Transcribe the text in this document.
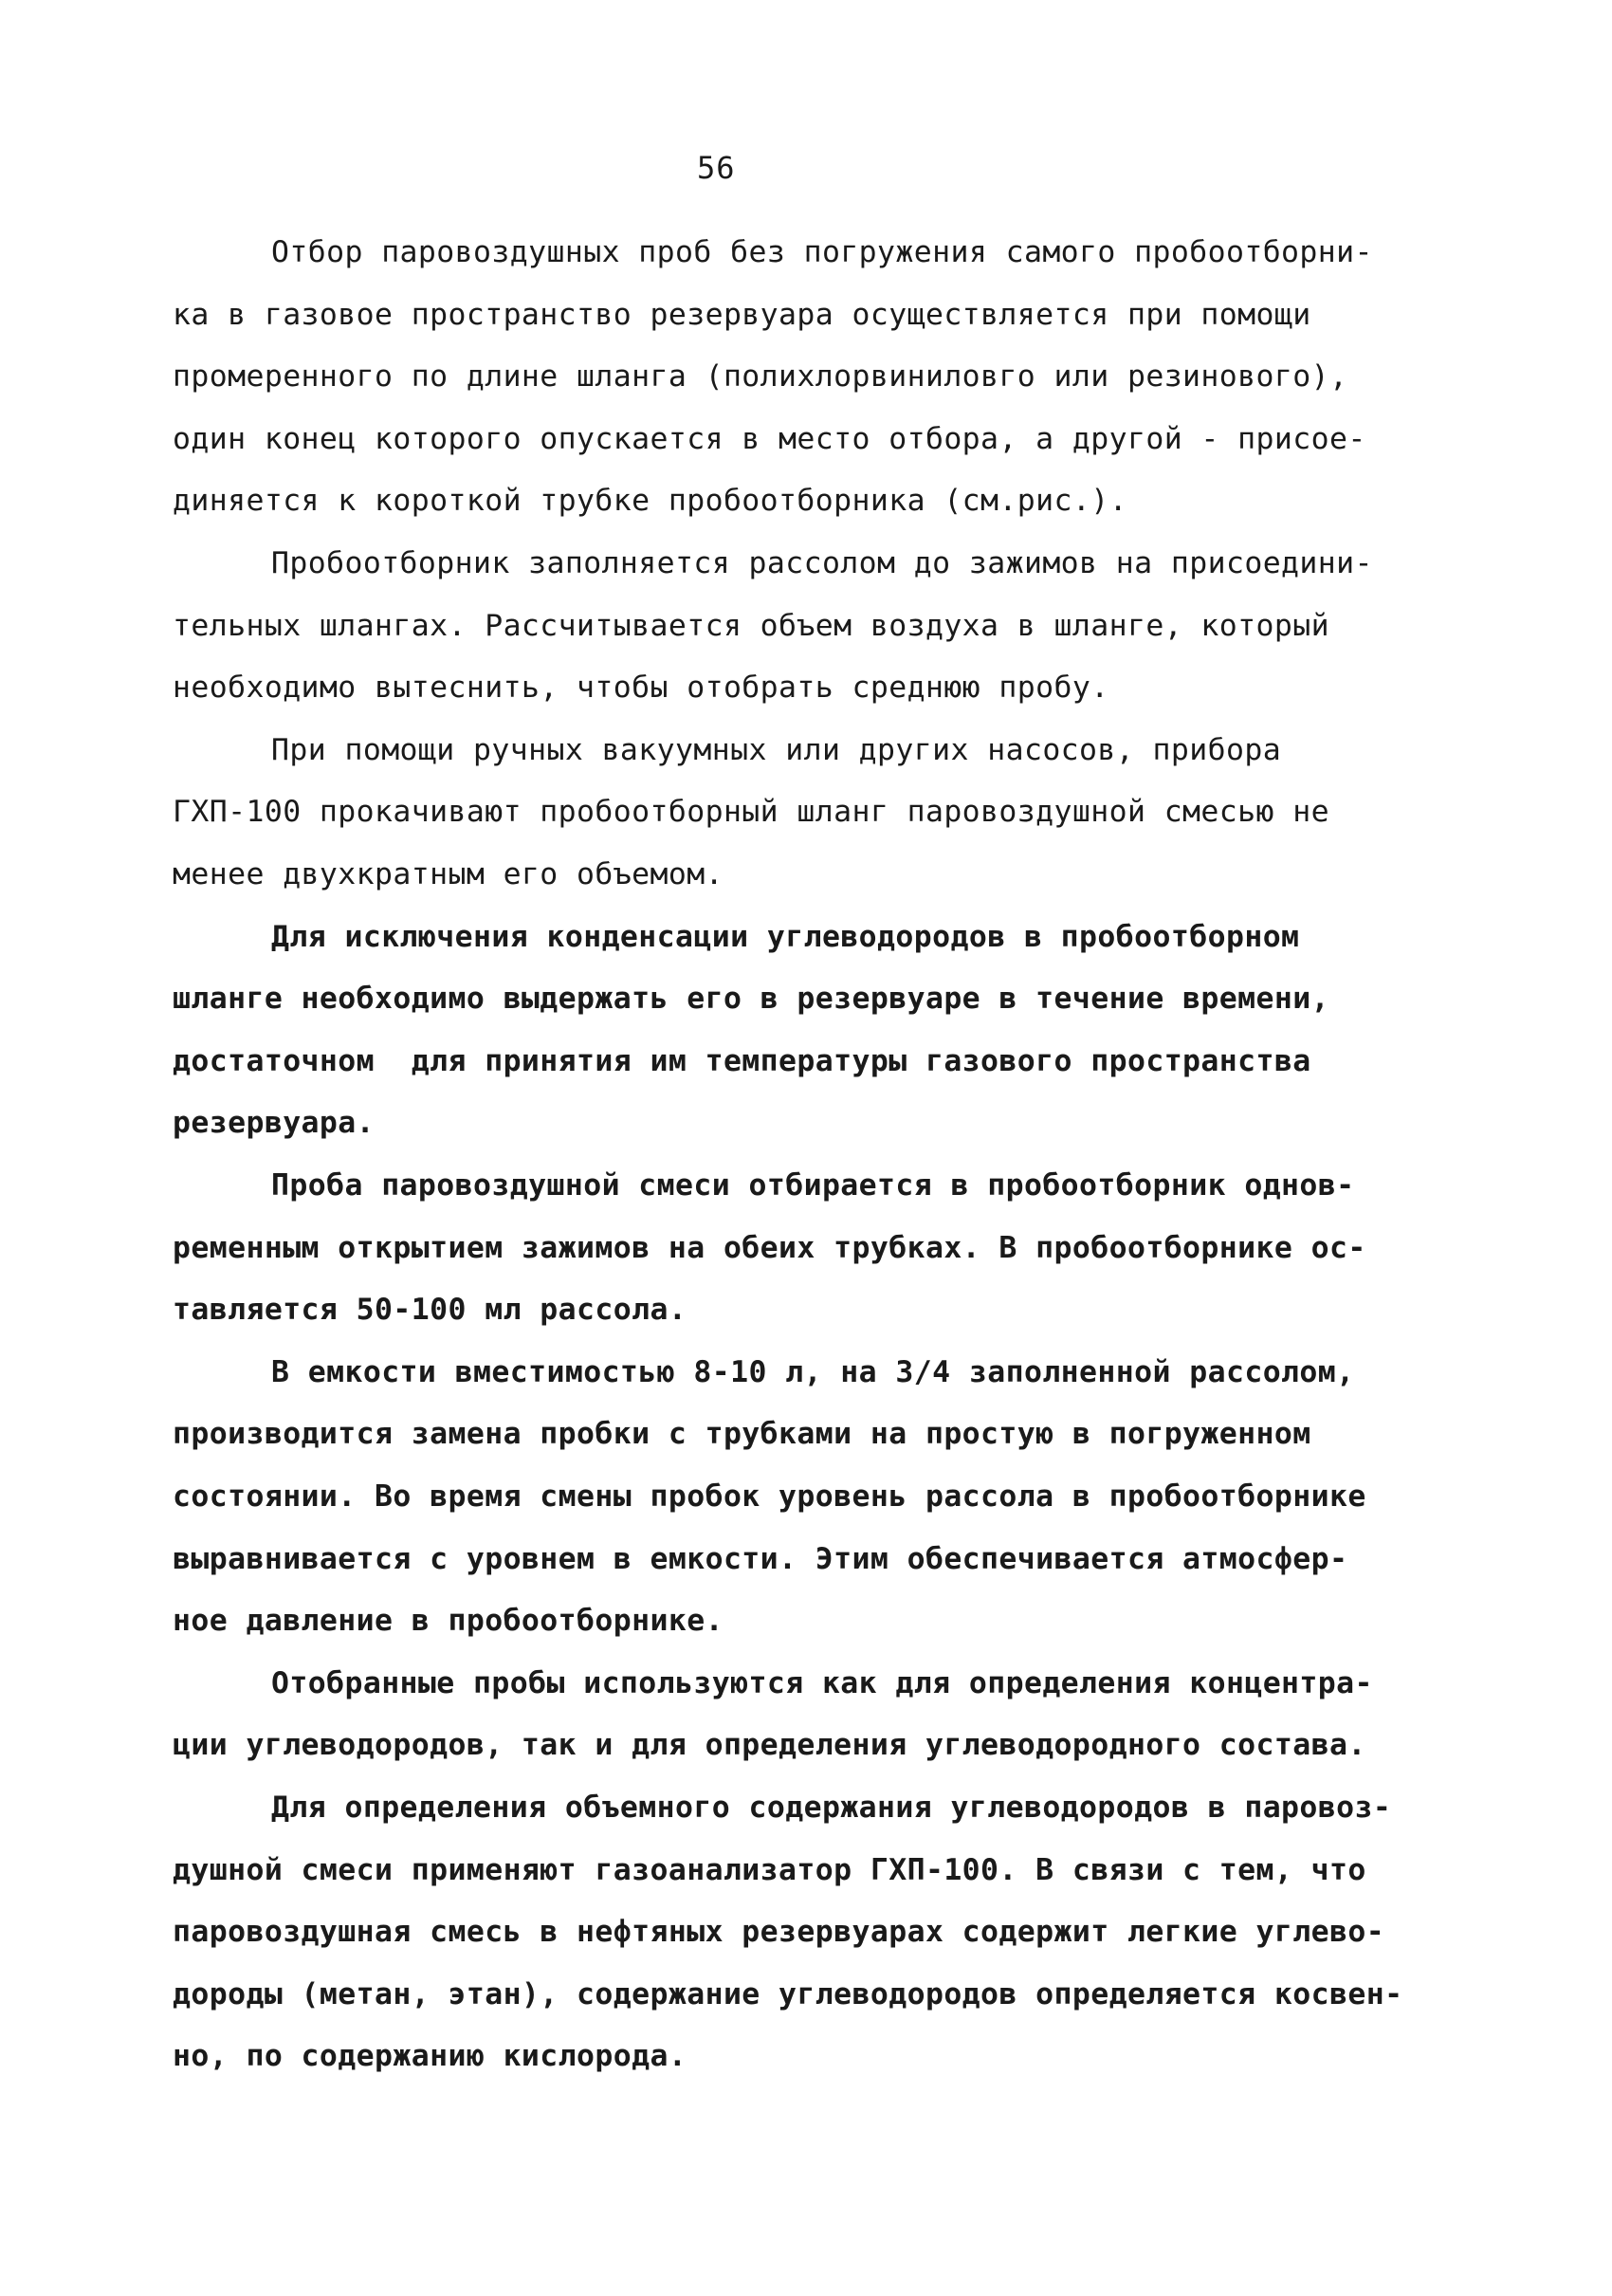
56
Отбор паровоздушных проб без погружения самого пробоотборни-
ка в газовое пространство резервуара осуществляется при помощи
промеренного по длине шланга (полихлорвиниловго или резинового),
один конец которого опускается в место отбора, а другой - присое-
диняется к короткой трубке пробоотборника (см.рис.).
Пробоотборник заполняется рассолом до зажимов на присоедини-
тельных шлангах. Рассчитывается объем воздуха в шланге, который
необходимо вытеснить, чтобы отобрать среднюю пробу.
При помощи ручных вакуумных или других насосов, прибора
ГХП-100 прокачивают пробоотборный шланг паровоздушной смесью не
менее двухкратным его объемом.
Для исключения конденсации углеводородов в пробоотборном
шланге необходимо выдержать его в резервуаре в течение времени,
достаточном  для принятия им температуры газового пространства
резервуара.
Проба паровоздушной смеси отбирается в пробоотборник однов-
ременным открытием зажимов на обеих трубках. В пробоотборнике ос-
тавляется 50-100 мл рассола.
В емкости вместимостью 8-10 л, на 3/4 заполненной рассолом,
производится замена пробки с трубками на простую в погруженном
состоянии. Во время смены пробок уровень рассола в пробоотборнике
выравнивается с уровнем в емкости. Этим обеспечивается атмосфер-
ное давление в пробоотборнике.
Отобранные пробы используются как для определения концентра-
ции углеводородов, так и для определения углеводородного состава.
Для определения объемного содержания углеводородов в паровоз-
душной смеси применяют газоанализатор ГХП-100. В связи с тем, что
паровоздушная смесь в нефтяных резервуарах содержит легкие углево-
дороды (метан, этан), содержание углеводородов определяется косвен-
но, по содержанию кислорода.
